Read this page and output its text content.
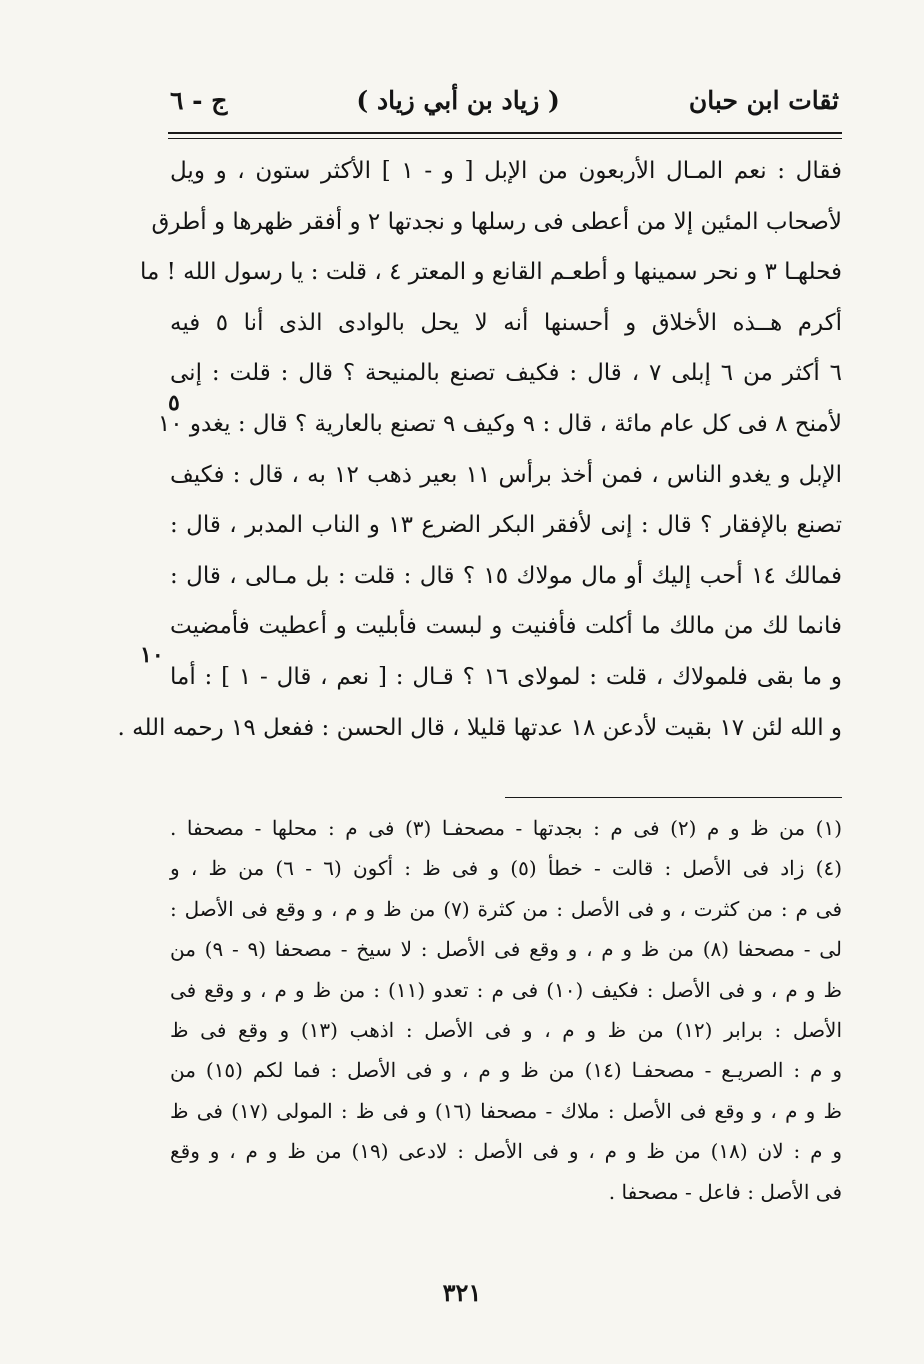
ثقات ابن حبان
( زياد بن أبي زياد )
ج - ٦
فقال : نعم المـال الأربعون من الإبل [ و - ١ ] الأكثر ستون ، و ويل
لأصحاب المئين إلا من أعطى فى رسلها و نجدتها ٢ و أفقر ظهرها و أطرق
فحلهـا ٣ و نحر سمينها و أطعـم القانع و المعتر ٤ ، قلت : يا رسول الله ! ما
أكرم هــذه الأخلاق و أحسنها أنه لا يحل بالوادى الذى أنا ٥ فيه
٦ أكثر من ٦ إبلى ٧ ، قال : فكيف تصنع بالمنيحة ؟ قال : قلت : إنى
لأمنح ٨ فى كل عام مائة ، قال : ٩ وكيف ٩ تصنع بالعارية ؟ قال : يغدو ١٠
الإبل و يغدو الناس ، فمن أخذ برأس ١١ بعير ذهب ١٢ به ، قال : فكيف
تصنع بالإفقار ؟ قال : إنى لأفقر البكر الضرع ١٣ و الناب المدبر ، قال :
فمالك ١٤ أحب إليك أو مال مولاك ١٥ ؟ قال : قلت : بل مـالى ، قال :
فانما لك من مالك ما أكلت فأفنيت و لبست فأبليت و أعطيت فأمضيت
و ما بقى فلمولاك ، قلت : لمولاى ١٦ ؟ قـال : [ نعم ، قال - ١ ] : أما
و الله لئن ١٧ بقيت لأدعن ١٨ عدتها قليلا ، قال الحسن : ففعل ١٩ رحمه الله .
٥
١٠
(١) من ظ و م (٢) فى م : بجدتها - مصحفـا (٣) فى م : محلها - مصحفا .
(٤) زاد فى الأصل : قالت - خطأ (٥) و فى ظ : أكون (٦ - ٦) من ظ ، و
فى م : من كثرت ، و فى الأصل : من كثرة (٧) من ظ و م ، و وقع فى الأصل :
لى - مصحفا (٨) من ظ و م ، و وقع فى الأصل : لا سيخ - مصحفا (٩ - ٩) من
ظ و م ، و فى الأصل : فكيف (١٠) فى م : تعدو (١١) : من ظ و م ، و وقع فى
الأصل : برابر (١٢) من ظ و م ، و فى الأصل : اذهب (١٣) و وقع فى ظ
و م : الصريـع - مصحفـا (١٤) من ظ و م ، و فى الأصل : فما لكم (١٥) من
ظ و م ، و وقع فى الأصل : ملاك - مصحفا (١٦) و فى ظ : المولى (١٧) فى ظ
و م : لان (١٨) من ظ و م ، و فى الأصل : لادعى (١٩) من ظ و م ، و وقع
فى الأصل : فاعل - مصحفا .
٣٢١
